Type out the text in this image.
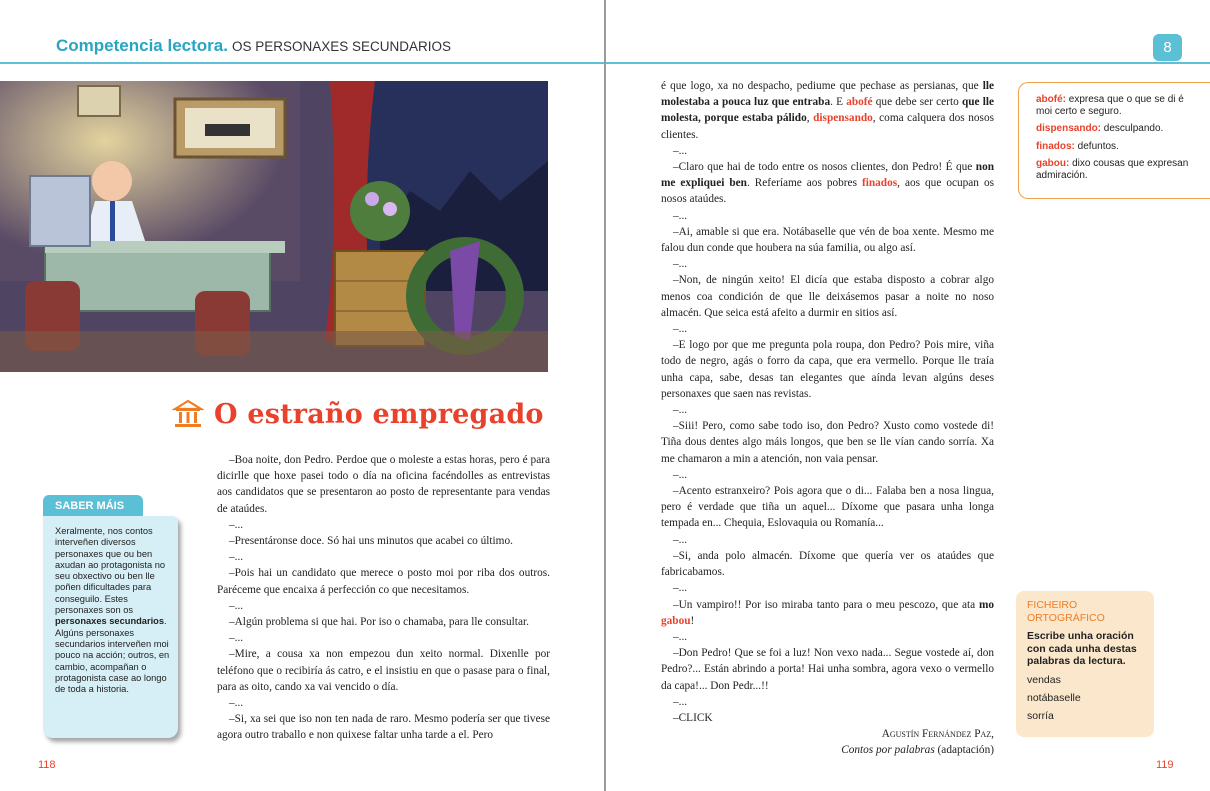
Competencia lectora. OS PERSONAXES SECUNDARIOS	8
O estraño empregado

–Boa noite, don Pedro. Perdoe que o moleste a estas horas, pero é para dicirlle que hoxe pasei todo o día na oficina facéndolles as entrevistas aos candidatos que se presentaron ao posto de representante para vendas de ataúdes.

–...

–Presentáronse doce. Só hai uns minutos que acabei co último.

–...

–Pois hai un candidato que merece o posto moi por riba dos outros. Paréceme que encaixa á perfección co que necesitamos.

–...

–Algún problema si que hai. Por iso o chamaba, para lle consultar.

–...

–Mire, a cousa xa non empezou dun xeito normal. Dixenlle por teléfono que o recibiría ás catro, e el insistiu en que o pasase para o final, para as oito, cando xa vai vencido o día.

–...

–Si, xa sei que iso non ten nada de raro. Mesmo podería ser que tivese agora outro traballo e non quixese faltar unha tarde a el. Pero

SABER MÁIS
Xeralmente, nos contos interveñen diversos personaxes que ou ben axudan ao protagonista no seu obxectivo ou ben lle poñen dificultades para conseguilo. Estes personaxes son os personaxes secundarios. Algúns personaxes secundarios interveñen moi pouco na acción; outros, en cambio, acompañan o protagonista case ao longo de toda a historia.

é que logo, xa no despacho, pediume que pechase as persianas, que lle molestaba a pouca luz que entraba. E abofé que debe ser certo que lle molesta, porque estaba pálido, dispensando, coma calquera dos nosos clientes.

–...

–Claro que hai de todo entre os nosos clientes, don Pedro! É que non me expliquei ben. Referíame aos pobres finados, aos que ocupan os nosos ataúdes.

–...

–Ai, amable si que era. Notábaselle que vén de boa xente. Mesmo me falou dun conde que houbera na súa familia, ou algo así.

–...

–Non, de ningún xeito! El dicía que estaba disposto a cobrar algo menos coa condición de que lle deixásemos pasar a noite no noso almacén. Que seica está afeito a durmir en sitios así.

–...

–E logo por que me pregunta pola roupa, don Pedro? Pois mire, viña todo de negro, agás o forro da capa, que era vermello. Porque lle traía unha capa, sabe, desas tan elegantes que aínda levan algúns deses personaxes que saen nas revistas.

–...

–Siii! Pero, como sabe todo iso, don Pedro? Xusto como vostede di! Tiña dous dentes algo máis longos, que ben se lle vían cando sorría. Xa me chamaron a min a atención, non vaia pensar.

–...

–Acento estranxeiro? Pois agora que o di... Falaba ben a nosa lingua, pero é verdade que tiña un aquel... Díxome que pasara unha longa tempada en... Chequia, Eslovaquia ou Romanía...

–...

–Si, anda polo almacén. Díxome que quería ver os ataúdes que fabricabamos.

–...

–Un vampiro!! Por iso miraba tanto para o meu pescozo, que ata mo gabou!

–...

–Don Pedro! Que se foi a luz! Non vexo nada... Segue vostede aí, don Pedro?... Están abrindo a porta! Hai unha sombra, agora vexo o vermello da capa!... Don Pedr...!!

–...

–CLICK

Agustín Fernández Paz,

Contos por palabras (adaptación)

abofé: expresa que o que se di é moi certo e seguro.

dispensando: desculpando.

finados: defuntos.

gabou: dixo cousas que expresan admiración.

FICHEIRO ORTOGRÁFICO
Escribe unha oración con cada unha destas palabras da lectura.
vendas
notábaselle
sorría
118	119
